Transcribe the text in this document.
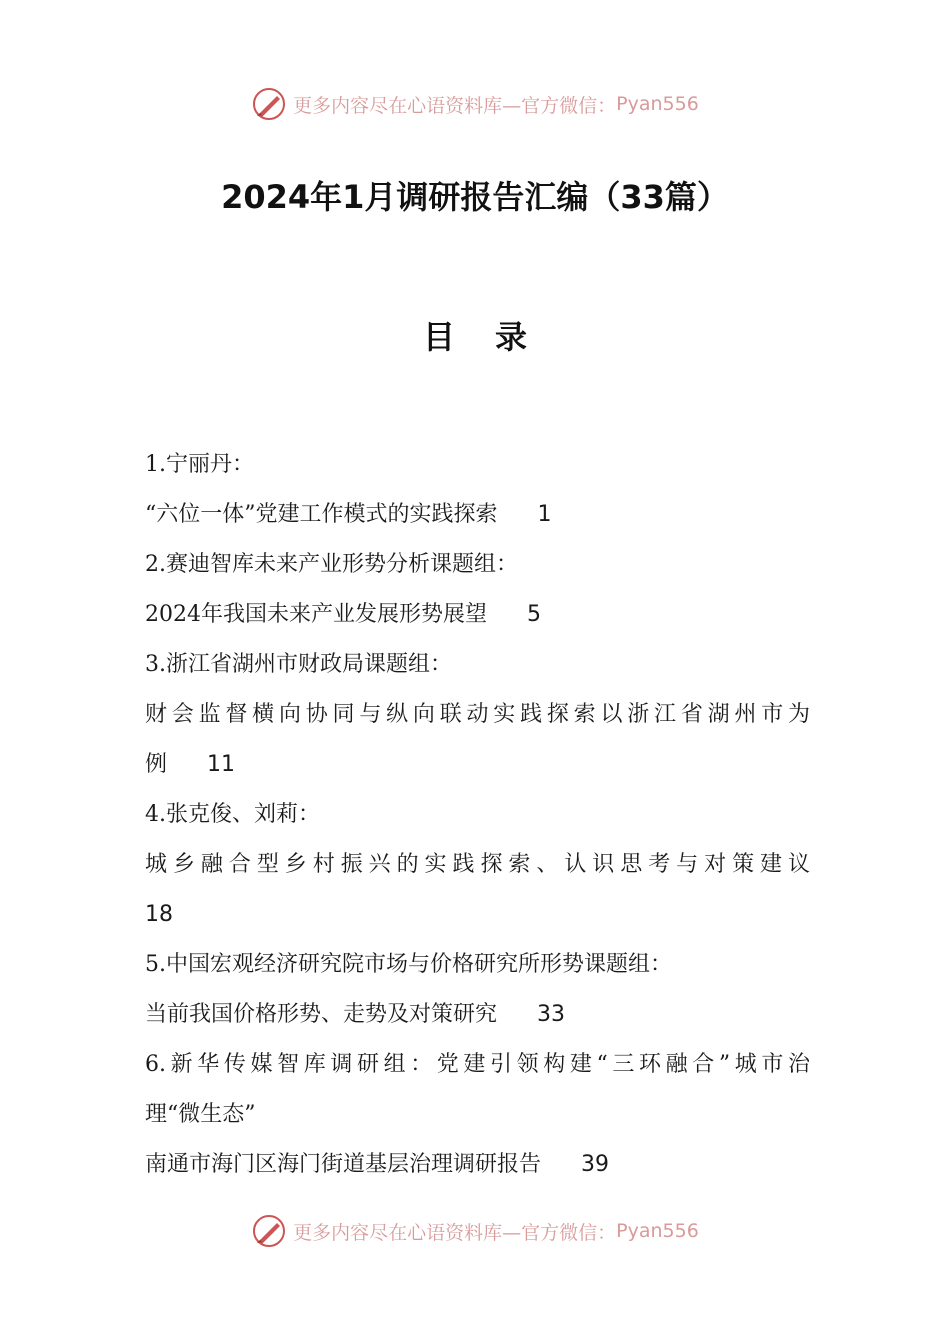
更多内容尽在心语资料库—官方微信： Pyan556
2024年1月调研报告汇编（33篇）
目录
1.宁丽丹：
“六位一体”党建工作模式的实践探索 1
2.赛迪智库未来产业形势分析课题组：
2024年我国未来产业发展形势展望 5
3.浙江省湖州市财政局课题组：
财会监督横向协同与纵向联动实践探索以浙江省湖州市为
例 11
4.张克俊、刘莉：
城乡融合型乡村振兴的实践探索、认识思考与对策建议
18
5.中国宏观经济研究院市场与价格研究所形势课题组：
当前我国价格形势、走势及对策研究 33
6.新华传媒智库调研组：党建引领构建“三环融合”城市治
理“微生态”
南通市海门区海门街道基层治理调研报告 39
更多内容尽在心语资料库—官方微信： Pyan556
